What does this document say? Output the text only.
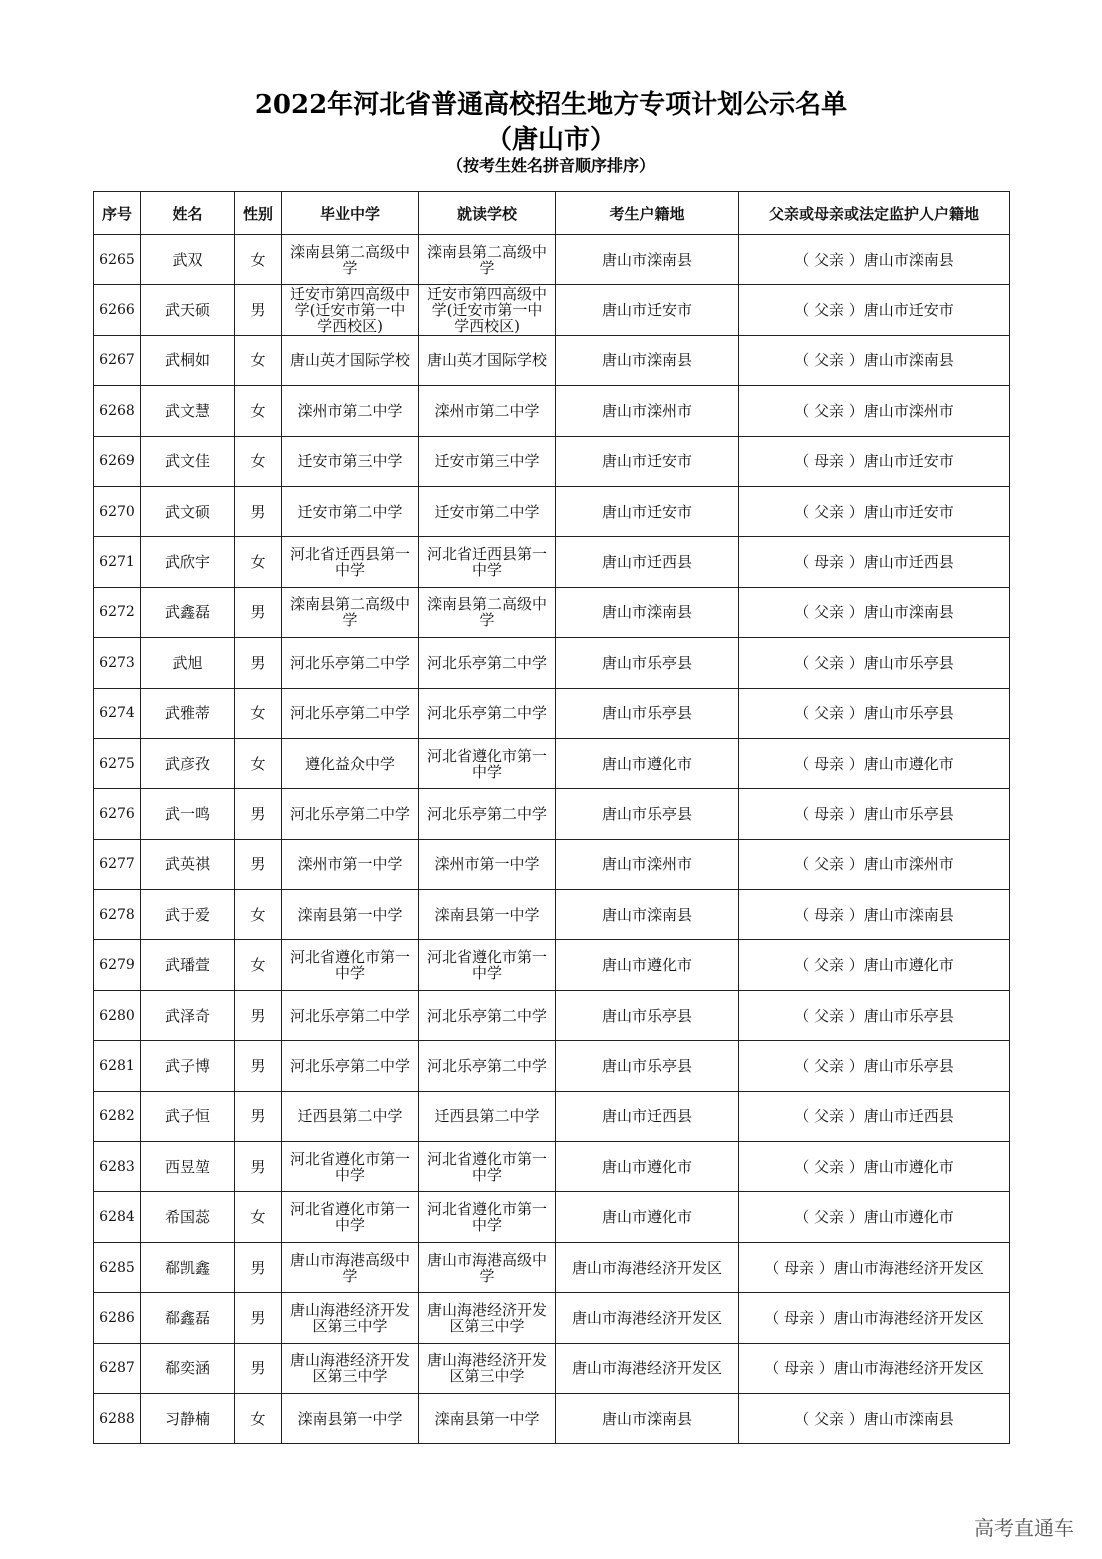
2022年河北省普通高校招生地方专项计划公示名单
（唐山市）
（按考生姓名拼音顺序排序）
序号	姓名	性别	毕业中学	就读学校	考生户籍地	父亲或母亲或法定监护人户籍地
6265	武双	女	滦南县第二高级中学	滦南县第二高级中学	唐山市滦南县	（ 父亲 ）唐山市滦南县
6266	武天硕	男	迁安市第四高级中学(迁安市第一中学西校区)	迁安市第四高级中学(迁安市第一中学西校区)	唐山市迁安市	（ 父亲 ）唐山市迁安市
6267	武桐如	女	唐山英才国际学校	唐山英才国际学校	唐山市滦南县	（ 父亲 ）唐山市滦南县
6268	武文慧	女	滦州市第二中学	滦州市第二中学	唐山市滦州市	（ 父亲 ）唐山市滦州市
6269	武文佳	女	迁安市第三中学	迁安市第三中学	唐山市迁安市	（ 母亲 ）唐山市迁安市
6270	武文硕	男	迁安市第二中学	迁安市第二中学	唐山市迁安市	（ 父亲 ）唐山市迁安市
6271	武欣宇	女	河北省迁西县第一中学	河北省迁西县第一中学	唐山市迁西县	（ 母亲 ）唐山市迁西县
6272	武鑫磊	男	滦南县第二高级中学	滦南县第二高级中学	唐山市滦南县	（ 父亲 ）唐山市滦南县
6273	武旭	男	河北乐亭第二中学	河北乐亭第二中学	唐山市乐亭县	（ 父亲 ）唐山市乐亭县
6274	武雅蒂	女	河北乐亭第二中学	河北乐亭第二中学	唐山市乐亭县	（ 父亲 ）唐山市乐亭县
6275	武彦孜	女	遵化益众中学	河北省遵化市第一中学	唐山市遵化市	（ 母亲 ）唐山市遵化市
6276	武一鸣	男	河北乐亭第二中学	河北乐亭第二中学	唐山市乐亭县	（ 母亲 ）唐山市乐亭县
6277	武英祺	男	滦州市第一中学	滦州市第一中学	唐山市滦州市	（ 父亲 ）唐山市滦州市
6278	武于爱	女	滦南县第一中学	滦南县第一中学	唐山市滦南县	（ 母亲 ）唐山市滦南县
6279	武璠萱	女	河北省遵化市第一中学	河北省遵化市第一中学	唐山市遵化市	（ 父亲 ）唐山市遵化市
6280	武泽奇	男	河北乐亭第二中学	河北乐亭第二中学	唐山市乐亭县	（ 父亲 ）唐山市乐亭县
6281	武子博	男	河北乐亭第二中学	河北乐亭第二中学	唐山市乐亭县	（ 父亲 ）唐山市乐亭县
6282	武子恒	男	迁西县第二中学	迁西县第二中学	唐山市迁西县	（ 父亲 ）唐山市迁西县
6283	西昱堃	男	河北省遵化市第一中学	河北省遵化市第一中学	唐山市遵化市	（ 父亲 ）唐山市遵化市
6284	希国蕊	女	河北省遵化市第一中学	河北省遵化市第一中学	唐山市遵化市	（ 父亲 ）唐山市遵化市
6285	郗凯鑫	男	唐山市海港高级中学	唐山市海港高级中学	唐山市海港经济开发区	（ 母亲 ）唐山市海港经济开发区
6286	郗鑫磊	男	唐山海港经济开发区第三中学	唐山海港经济开发区第三中学	唐山市海港经济开发区	（ 母亲 ）唐山市海港经济开发区
6287	郗奕涵	男	唐山海港经济开发区第三中学	唐山海港经济开发区第三中学	唐山市海港经济开发区	（ 母亲 ）唐山市海港经济开发区
6288	习静楠	女	滦南县第一中学	滦南县第一中学	唐山市滦南县	（ 父亲 ）唐山市滦南县
高考直通车
